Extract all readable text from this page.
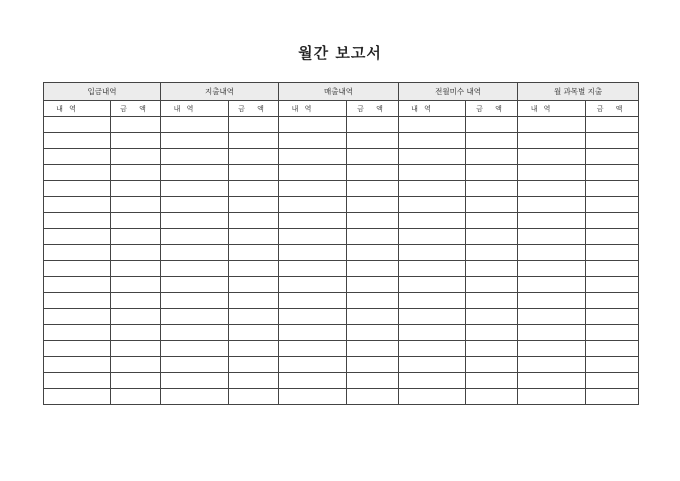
월간 보고서
입금내역		지출내역		매출내역		전월미수 내역		월 과목별 지출	
내 역	금 액	내 역	금 액	내 역	금 액	내 역	금 액	내 역	금 액
